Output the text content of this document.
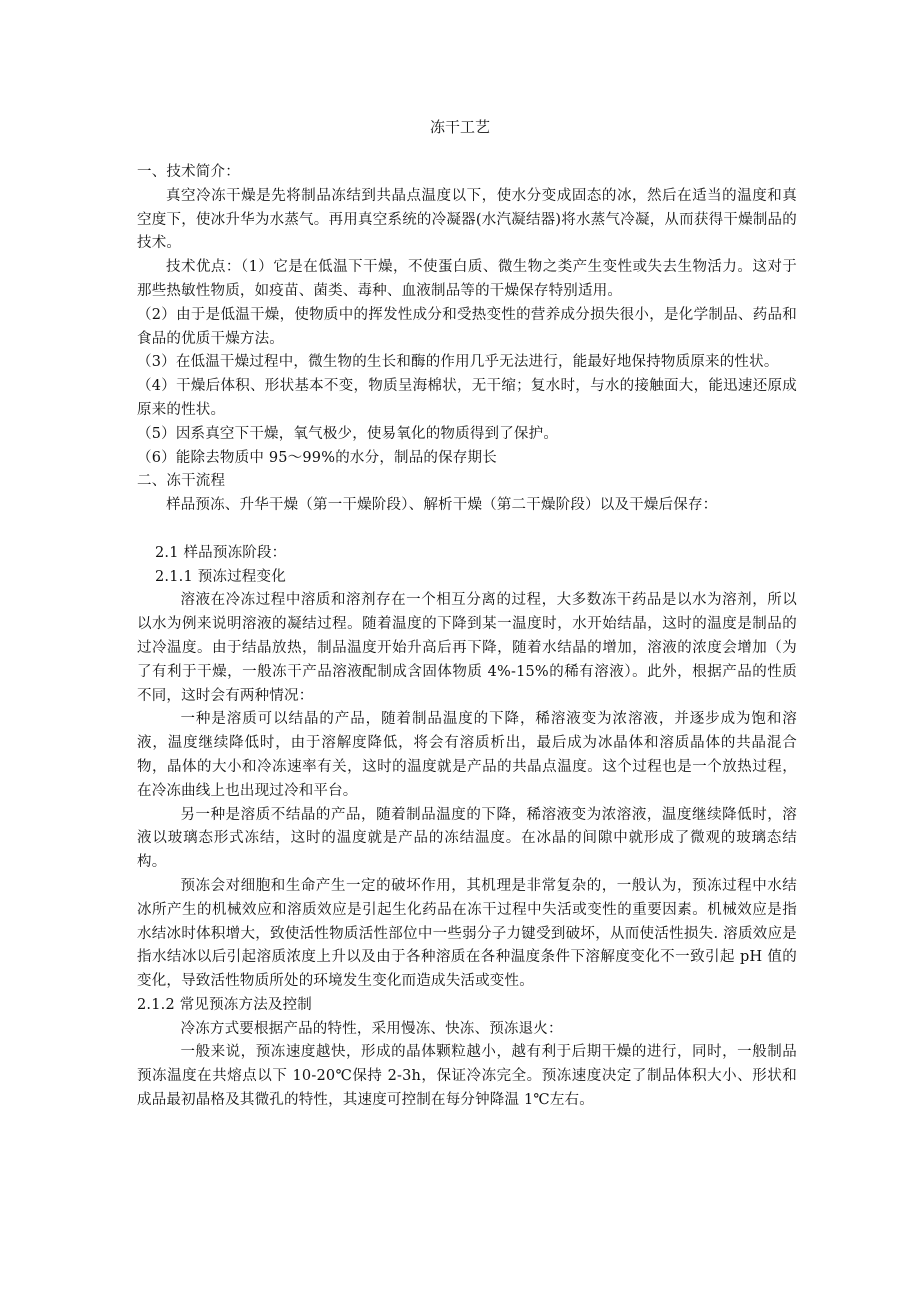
冻干工艺

一、技术简介：

真空冷冻干燥是先将制品冻结到共晶点温度以下，使水分变成固态的冰，然后在适当的温度和真空度下，使冰升华为水蒸气。再用真空系统的冷凝器(水汽凝结器)将水蒸气冷凝，从而获得干燥制品的技术。

技术优点：（1）它是在低温下干燥，不使蛋白质、微生物之类产生变性或失去生物活力。这对于那些热敏性物质，如疫苗、菌类、毒种、血液制品等的干燥保存特别适用。

（2）由于是低温干燥，使物质中的挥发性成分和受热变性的营养成分损失很小，是化学制品、药品和食品的优质干燥方法。

（3）在低温干燥过程中，微生物的生长和酶的作用几乎无法进行，能最好地保持物质原来的性状。

（4）干燥后体积、形状基本不变，物质呈海棉状，无干缩；复水时，与水的接触面大，能迅速还原成原来的性状。

（5）因系真空下干燥，氧气极少，使易氧化的物质得到了保护。

（6）能除去物质中 95～99%的水分，制品的保存期长

二、冻干流程

样品预冻、升华干燥（第一干燥阶段）、解析干燥（第二干燥阶段）以及干燥后保存：

2.1 样品预冻阶段：

2.1.1 预冻过程变化

溶液在冷冻过程中溶质和溶剂存在一个相互分离的过程，大多数冻干药品是以水为溶剂，所以以水为例来说明溶液的凝结过程。随着温度的下降到某一温度时，水开始结晶，这时的温度是制品的过冷温度。由于结晶放热，制品温度开始升高后再下降，随着水结晶的增加，溶液的浓度会增加（为了有利于干燥，一般冻干产品溶液配制成含固体物质 4%-15%的稀有溶液）。此外，根据产品的性质不同，这时会有两种情况：

一种是溶质可以结晶的产品，随着制品温度的下降，稀溶液变为浓溶液，并逐步成为饱和溶液，温度继续降低时，由于溶解度降低，将会有溶质析出，最后成为冰晶体和溶质晶体的共晶混合物，晶体的大小和冷冻速率有关，这时的温度就是产品的共晶点温度。这个过程也是一个放热过程，在冷冻曲线上也出现过冷和平台。

另一种是溶质不结晶的产品，随着制品温度的下降，稀溶液变为浓溶液，温度继续降低时，溶液以玻璃态形式冻结，这时的温度就是产品的冻结温度。在冰晶的间隙中就形成了微观的玻璃态结构。

预冻会对细胞和生命产生一定的破坏作用，其机理是非常复杂的，一般认为，预冻过程中水结冰所产生的机械效应和溶质效应是引起生化药品在冻干过程中失活或变性的重要因素。机械效应是指水结冰时体积增大，致使活性物质活性部位中一些弱分子力键受到破坏，从而使活性损失. 溶质效应是指水结冰以后引起溶质浓度上升以及由于各种溶质在各种温度条件下溶解度变化不一致引起 pH 值的变化，导致活性物质所处的环境发生变化而造成失活或变性。

2.1.2 常见预冻方法及控制

冷冻方式要根据产品的特性，采用慢冻、快冻、预冻退火：

一般来说，预冻速度越快，形成的晶体颗粒越小，越有利于后期干燥的进行，同时，一般制品预冻温度在共熔点以下 10-20℃保持 2-3h，保证冷冻完全。预冻速度决定了制品体积大小、形状和成品最初晶格及其微孔的特性，其速度可控制在每分钟降温 1℃左右。
